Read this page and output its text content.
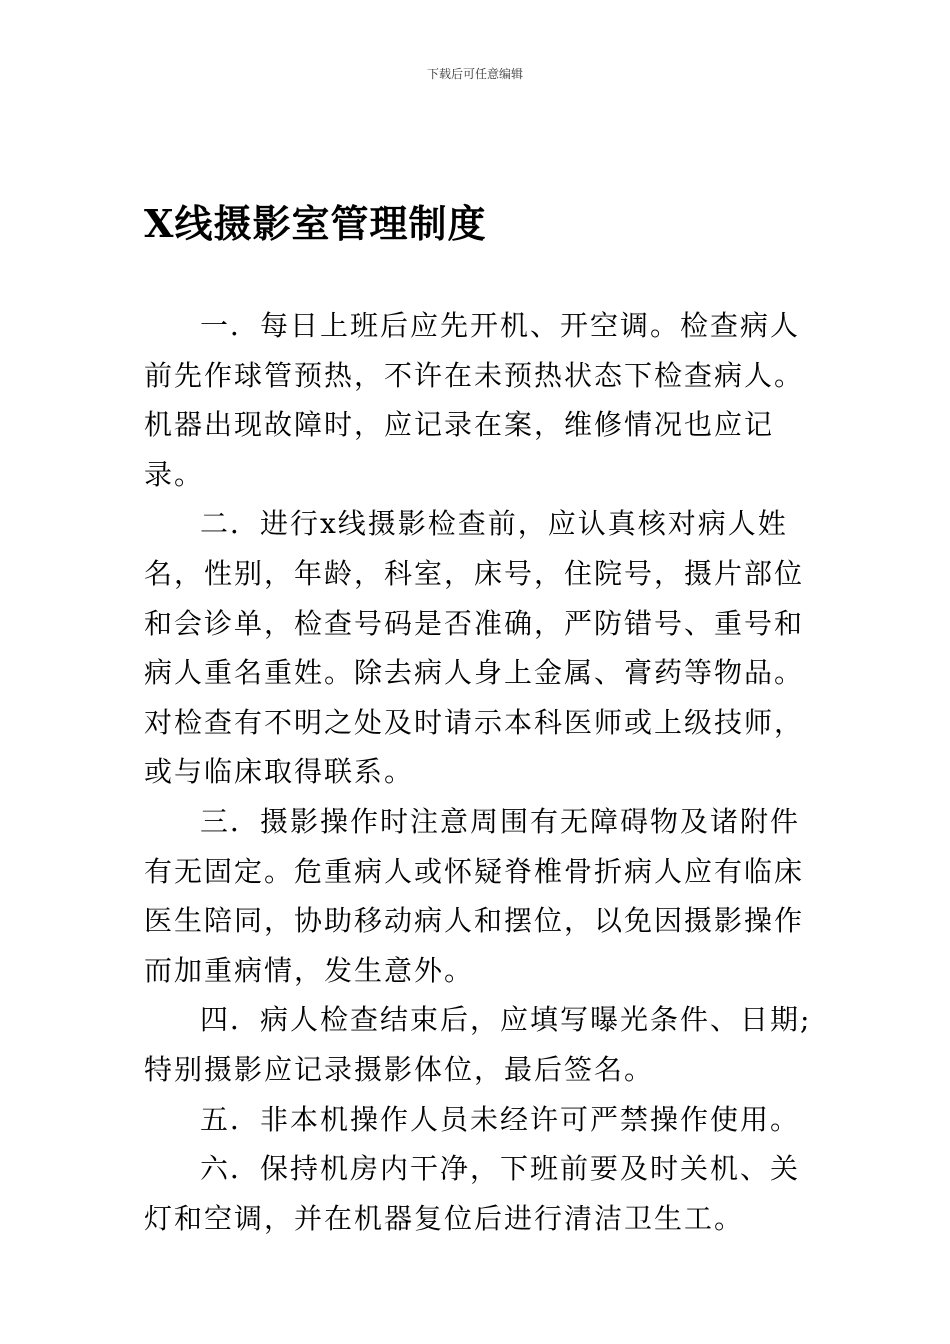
下载后可任意编辑
X线摄影室管理制度

一．每日上班后应先开机、开空调。检查病人前先作球管预热，不许在未预热状态下检查病人。机器出现故障时，应记录在案，维修情况也应记录。

二．进行x线摄影检查前，应认真核对病人姓名，性别，年龄，科室，床号，住院号，摄片部位和会诊单，检查号码是否准确，严防错号、重号和病人重名重姓。除去病人身上金属、膏药等物品。对检查有不明之处及时请示本科医师或上级技师，或与临床取得联系。

三．摄影操作时注意周围有无障碍物及诸附件有无固定。危重病人或怀疑脊椎骨折病人应有临床医生陪同，协助移动病人和摆位，以免因摄影操作而加重病情，发生意外。

四．病人检查结束后，应填写曝光条件、日期;特别摄影应记录摄影体位，最后签名。

五．非本机操作人员未经许可严禁操作使用。

六．保持机房内干净，下班前要及时关机、关灯和空调，并在机器复位后进行清洁卫生工。
